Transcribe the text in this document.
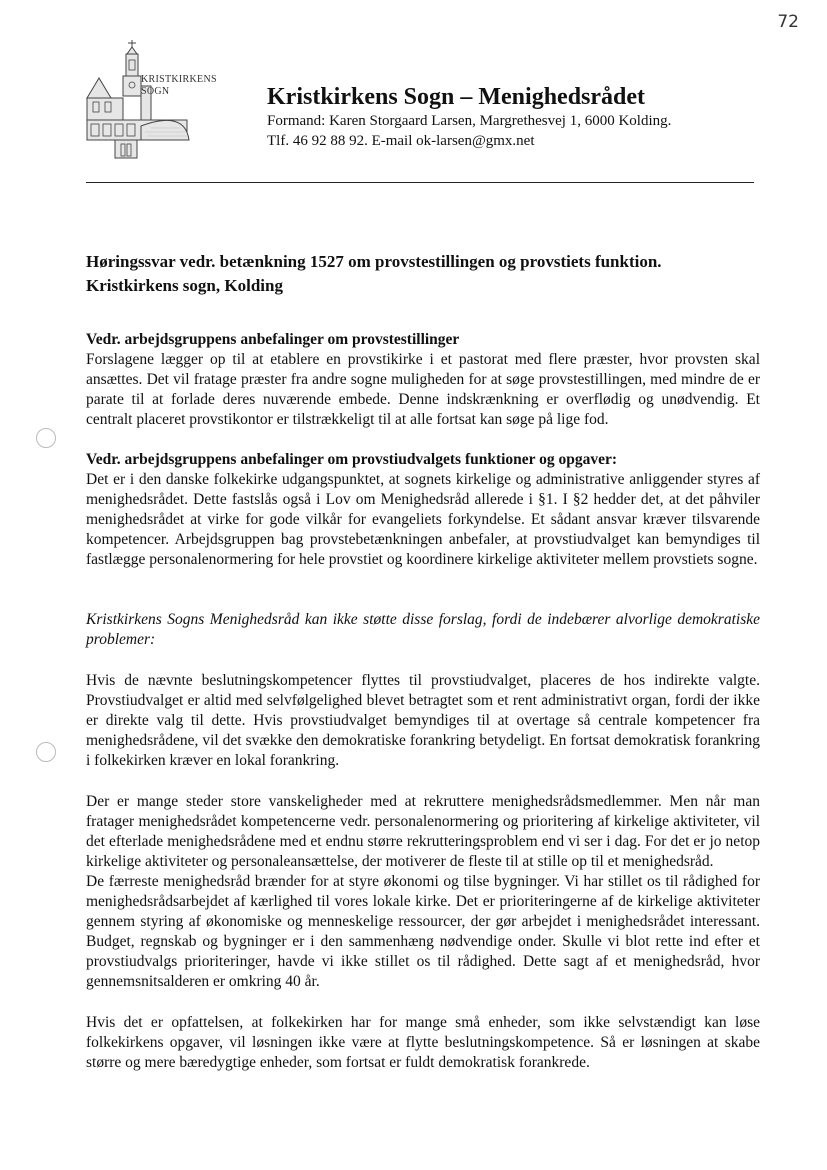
72
KRISTKIRKENS
SOGN	Kristkirkens Sogn – Menighedsrådet
Formand: Karen Storgaard Larsen, Margrethesvej 1, 6000 Kolding.
Tlf. 46 92 88 92. E-mail ok-larsen@gmx.net
Høringssvar vedr. betænkning 1527 om provstestillingen og provstiets funktion.
Kristkirkens sogn, Kolding
Vedr. arbejdsgruppens anbefalinger om provstestillinger

Forslagene lægger op til at etablere en provstikirke i et pastorat med flere præster, hvor provsten skal ansættes. Det vil fratage præster fra andre sogne muligheden for at søge provstestillingen, med mindre de er parate til at forlade deres nuværende embede. Denne indskrænkning er overflødig og unødvendig. Et centralt placeret provstikontor er tilstrækkeligt til at alle fortsat kan søge på lige fod.

Vedr. arbejdsgruppens anbefalinger om provstiudvalgets funktioner og opgaver:

Det er i den danske folkekirke udgangspunktet, at sognets kirkelige og administrative anliggender styres af menighedsrådet. Dette fastslås også i Lov om Menighedsråd allerede i §1. I §2 hedder det, at det påhviler menighedsrådet at virke for gode vilkår for evangeliets forkyndelse. Et sådant ansvar kræver tilsvarende kompetencer. Arbejdsgruppen bag provstebetænkningen anbefaler, at provstiudvalget kan bemyndiges til fastlægge personalenormering for hele provstiet og koordinere kirkelige aktiviteter mellem provstiets sogne.

Kristkirkens Sogns Menighedsråd kan ikke støtte disse forslag, fordi de indebærer alvorlige demokratiske problemer:

Hvis de nævnte beslutningskompetencer flyttes til provstiudvalget, placeres de hos indirekte valgte. Provstiudvalget er altid med selvfølgelighed blevet betragtet som et rent administrativt organ, fordi der ikke er direkte valg til dette. Hvis provstiudvalget bemyndiges til at overtage så centrale kompetencer fra menighedsrådene, vil det svække den demokratiske forankring betydeligt. En fortsat demokratisk forankring i folkekirken kræver en lokal forankring.

Der er mange steder store vanskeligheder med at rekruttere menighedsrådsmedlemmer. Men når man fratager menighedsrådet kompetencerne vedr. personalenormering og prioritering af kirkelige aktiviteter, vil det efterlade menighedsrådene med et endnu større rekrutteringsproblem end vi ser i dag. For det er jo netop kirkelige aktiviteter og personaleansættelse, der motiverer de fleste til at stille op til et menighedsråd.

De færreste menighedsråd brænder for at styre økonomi og tilse bygninger. Vi har stillet os til rådighed for menighedsrådsarbejdet af kærlighed til vores lokale kirke. Det er prioriteringerne af de kirkelige aktiviteter gennem styring af økonomiske og menneskelige ressourcer, der gør arbejdet i menighedsrådet interessant. Budget, regnskab og bygninger er i den sammenhæng nødvendige onder. Skulle vi blot rette ind efter et provstiudvalgs prioriteringer, havde vi ikke stillet os til rådighed. Dette sagt af et menighedsråd, hvor gennemsnitsalderen er omkring 40 år.

Hvis det er opfattelsen, at folkekirken har for mange små enheder, som ikke selvstændigt kan løse folkekirkens opgaver, vil løsningen ikke være at flytte beslutningskompetence. Så er løsningen at skabe større og mere bæredygtige enheder, som fortsat er fuldt demokratisk forankrede.
